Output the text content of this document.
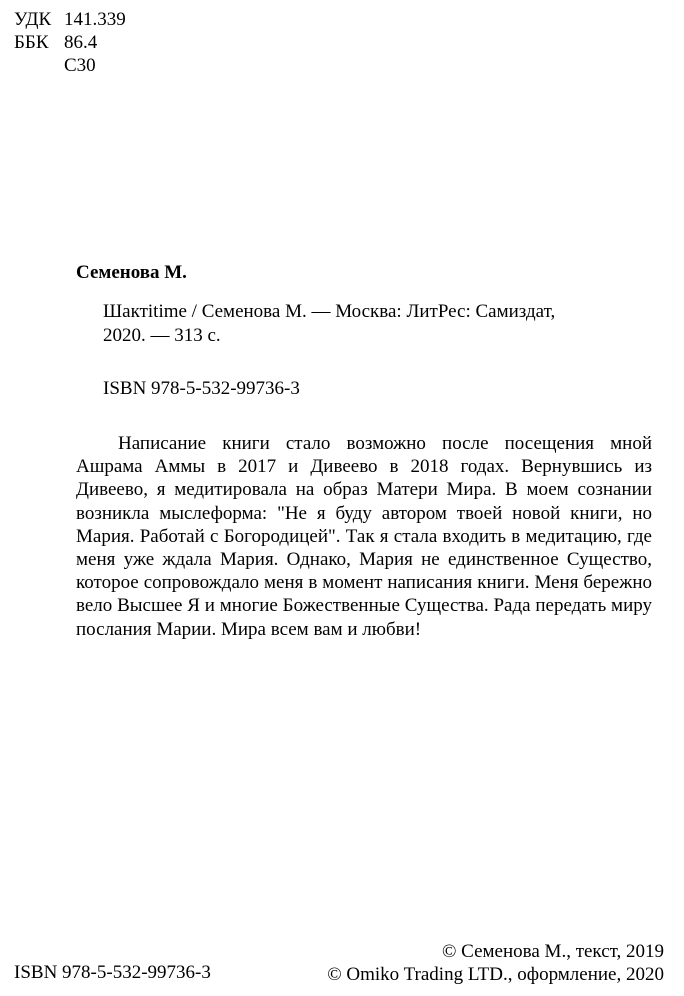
УДК 141.339
ББК 86.4
С30
Семенова М.
Шактitime / Семенова М. — Москва: ЛитРес: Самиздат, 2020. — 313 с.
ISBN 978-5-532-99736-3
Написание книги стало возможно после посещения мной Ашрама Аммы в 2017 и Дивеево в 2018 годах. Вернувшись из Дивеево, я медитировала на образ Матери Мира. В моем сознании возникла мыслеформа: "Не я буду автором твоей новой книги, но Мария. Работай с Богородицей". Так я стала входить в медитацию, где меня уже ждала Мария. Однако, Мария не единственное Существо, которое сопровождало меня в момент написания книги. Меня бережно вело Высшее Я и многие Божественные Существа. Рада передать миру послания Марии. Мира всем вам и любви!
ISBN 978-5-532-99736-3
© Семенова М., текст, 2019
© Omiko Trading LTD., оформление, 2020
